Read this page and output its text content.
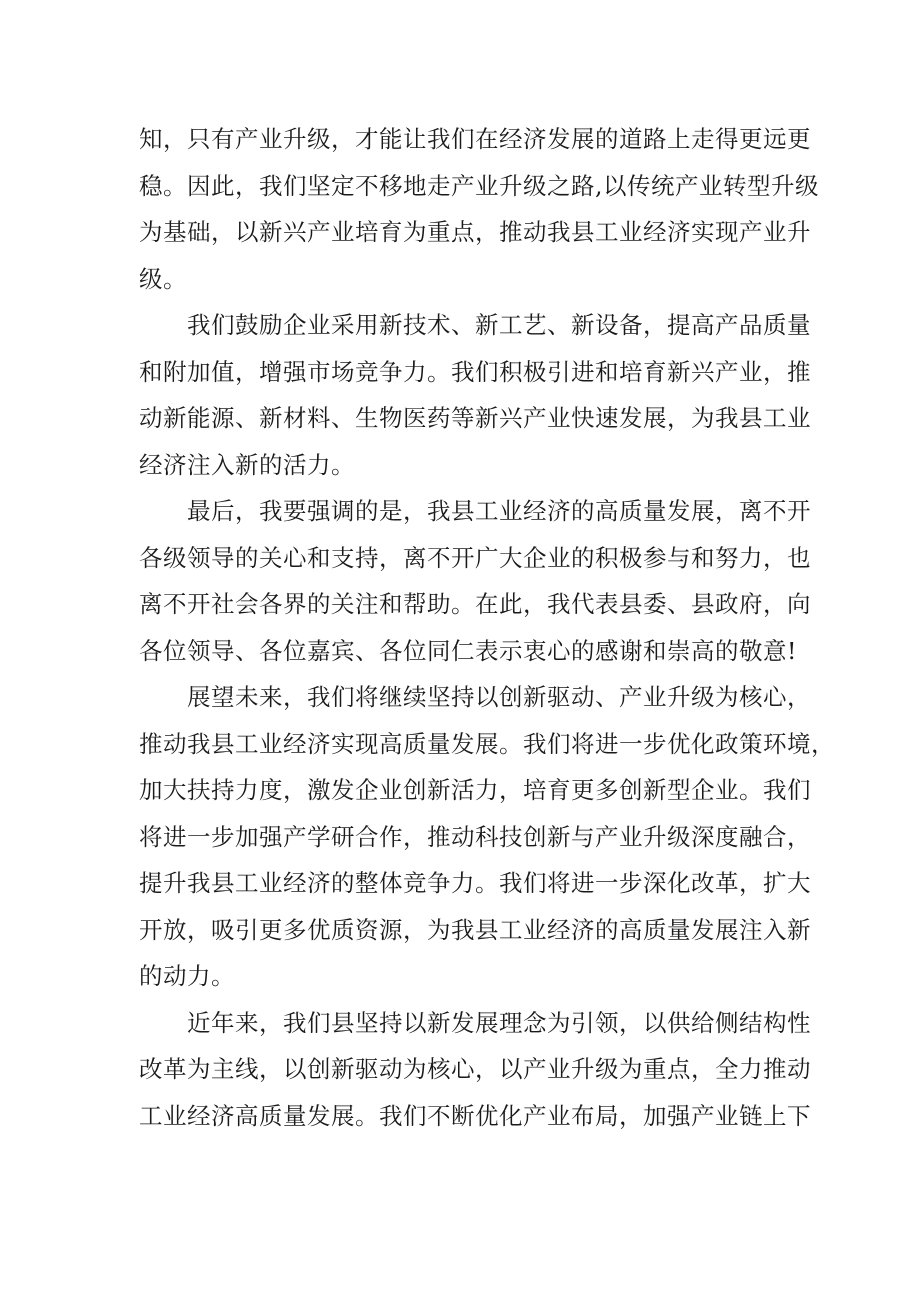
知，只有产业升级，才能让我们在经济发展的道路上走得更远更
稳。因此，我们坚定不移地走产业升级之路,以传统产业转型升级
为基础，以新兴产业培育为重点，推动我县工业经济实现产业升
级。
我们鼓励企业采用新技术、新工艺、新设备，提高产品质量
和附加值，增强市场竞争力。我们积极引进和培育新兴产业，推
动新能源、新材料、生物医药等新兴产业快速发展，为我县工业
经济注入新的活力。
最后，我要强调的是，我县工业经济的高质量发展，离不开
各级领导的关心和支持，离不开广大企业的积极参与和努力，也
离不开社会各界的关注和帮助。在此，我代表县委、县政府，向
各位领导、各位嘉宾、各位同仁表示衷心的感谢和崇高的敬意!
展望未来，我们将继续坚持以创新驱动、产业升级为核心，
推动我县工业经济实现高质量发展。我们将进一步优化政策环境，
加大扶持力度，激发企业创新活力，培育更多创新型企业。我们
将进一步加强产学研合作，推动科技创新与产业升级深度融合，
提升我县工业经济的整体竞争力。我们将进一步深化改革，扩大
开放，吸引更多优质资源，为我县工业经济的高质量发展注入新
的动力。
近年来，我们县坚持以新发展理念为引领，以供给侧结构性
改革为主线，以创新驱动为核心，以产业升级为重点，全力推动
工业经济高质量发展。我们不断优化产业布局，加强产业链上下
